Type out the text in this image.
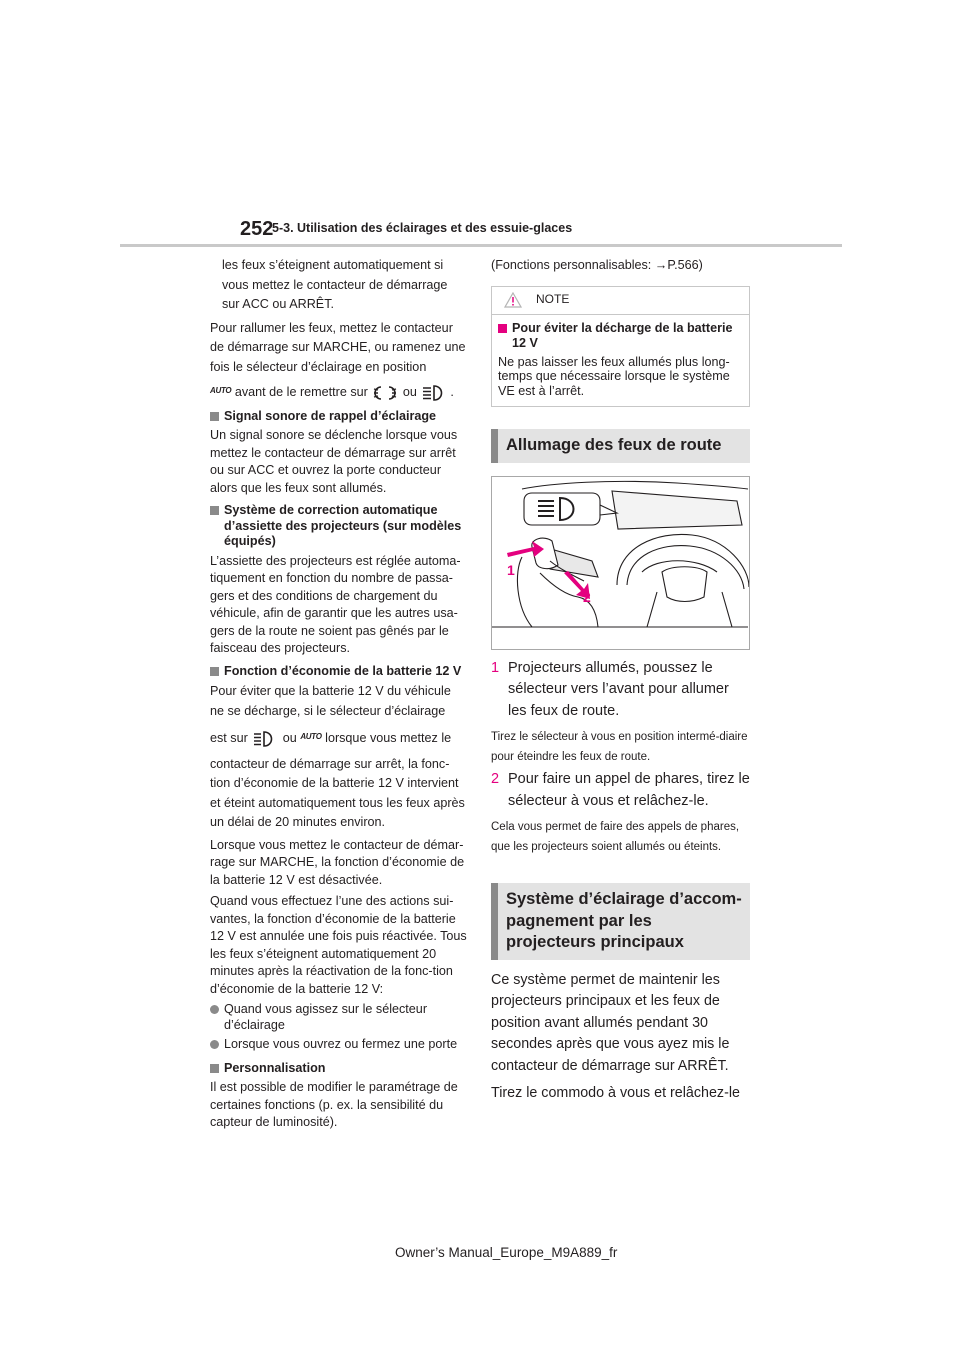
252
5-3. Utilisation des éclairages et des essuie-glaces

les feux s’éteignent automatiquement si vous mettez le contacteur de démarrage sur ACC ou ARRÊT.

Pour rallumer les feux, mettez le contacteur de démarrage sur MARCHE, ou ramenez une fois le sélecteur d’éclairage en position

$^{AUTO}$ avant de le remettre sur	ou	.

Signal sonore de rappel d’éclairage

Un signal sonore se déclenche lorsque vous mettez le contacteur de démarrage sur arrêt ou sur ACC et ouvrez la porte conducteur alors que les feux sont allumés.

Système de correction automatique d’assiette des projecteurs (sur modèles équipés)

L’assiette des projecteurs est réglée automa-tiquement en fonction du nombre de passa-gers et des conditions de chargement du véhicule, afin de garantir que les autres usa-gers de la route ne soient pas gênés par le faisceau des projecteurs.

Fonction d’économie de la batterie 12 V

Pour éviter que la batterie 12 V du véhicule ne se décharge, si le sélecteur d’éclairage

est sur	ou $^{AUTO}$ lorsque vous mettez le

contacteur de démarrage sur arrêt, la fonc-tion d’économie de la batterie 12 V intervient et éteint automatiquement tous les feux après un délai de 20 minutes environ.

Lorsque vous mettez le contacteur de démar-rage sur MARCHE, la fonction d’économie de la batterie 12 V est désactivée.

Quand vous effectuez l’une des actions sui-vantes, la fonction d’économie de la batterie 12 V est annulée une fois puis réactivée. Tous les feux s’éteignent automatiquement 20 minutes après la réactivation de la fonc-tion d’économie de la batterie 12 V:

Quand vous agissez sur le sélecteur d’éclairage

Lorsque vous ouvrez ou fermez une porte

Personnalisation

Il est possible de modifier le paramétrage de certaines fonctions (p. ex. la sensibilité du capteur de luminosité).

(Fonctions personnalisables: →P.566)

NOTE

Pour éviter la décharge de la batterie 12 V

Ne pas laisser les feux allumés plus long-temps que nécessaire lorsque le système VE est à l’arrêt.

Allumage des feux de route
1
2
1 Projecteurs allumés, poussez le sélecteur vers l’avant pour allumer les feux de route.

Tirez le sélecteur à vous en position intermé-diaire pour éteindre les feux de route.

2 Pour faire un appel de phares, tirez le sélecteur à vous et relâchez-le.

Cela vous permet de faire des appels de phares, que les projecteurs soient allumés ou éteints.

Système d’éclairage d’accom-pagnement par les projecteurs principaux

Ce système permet de maintenir les projecteurs principaux et les feux de position avant allumés pendant 30 secondes après que vous ayez mis le contacteur de démarrage sur ARRÊT.

Tirez le commodo à vous et relâchez-le

Owner’s Manual_Europe_M9A889_fr
